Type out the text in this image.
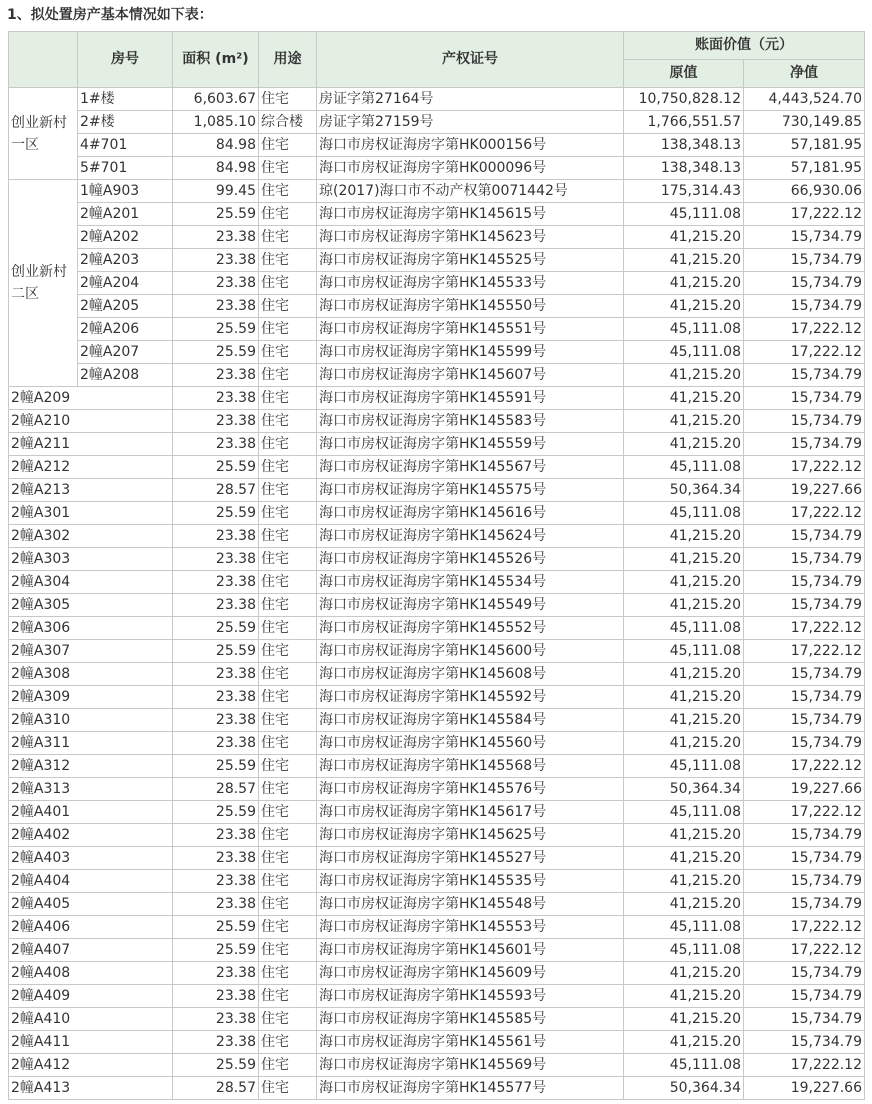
1、拟处置房产基本情况如下表：
	房号	面积 (m²)	用途	产权证号	账面价值（元）	
					原值	净值
创业新村一区	1#楼	6,603.67	住宅	房证字第27164号	10,750,828.12	4,443,524.70
	2#楼	1,085.10	综合楼	房证字第27159号	1,766,551.57	730,149.85
	4#701	84.98	住宅	海口市房权证海房字第HK000156号	138,348.13	57,181.95
	5#701	84.98	住宅	海口市房权证海房字第HK000096号	138,348.13	57,181.95
创业新村二区	1幢A903	99.45	住宅	琼(2017)海口市不动产权第0071442号	175,314.43	66,930.06
	2幢A201	25.59	住宅	海口市房权证海房字第HK145615号	45,111.08	17,222.12
	2幢A202	23.38	住宅	海口市房权证海房字第HK145623号	41,215.20	15,734.79
	2幢A203	23.38	住宅	海口市房权证海房字第HK145525号	41,215.20	15,734.79
	2幢A204	23.38	住宅	海口市房权证海房字第HK145533号	41,215.20	15,734.79
	2幢A205	23.38	住宅	海口市房权证海房字第HK145550号	41,215.20	15,734.79
	2幢A206	25.59	住宅	海口市房权证海房字第HK145551号	45,111.08	17,222.12
	2幢A207	25.59	住宅	海口市房权证海房字第HK145599号	45,111.08	17,222.12
	2幢A208	23.38	住宅	海口市房权证海房字第HK145607号	41,215.20	15,734.79
2幢A209		23.38	住宅	海口市房权证海房字第HK145591号	41,215.20	15,734.79
2幢A210		23.38	住宅	海口市房权证海房字第HK145583号	41,215.20	15,734.79
2幢A211		23.38	住宅	海口市房权证海房字第HK145559号	41,215.20	15,734.79
2幢A212		25.59	住宅	海口市房权证海房字第HK145567号	45,111.08	17,222.12
2幢A213		28.57	住宅	海口市房权证海房字第HK145575号	50,364.34	19,227.66
2幢A301		25.59	住宅	海口市房权证海房字第HK145616号	45,111.08	17,222.12
2幢A302		23.38	住宅	海口市房权证海房字第HK145624号	41,215.20	15,734.79
2幢A303		23.38	住宅	海口市房权证海房字第HK145526号	41,215.20	15,734.79
2幢A304		23.38	住宅	海口市房权证海房字第HK145534号	41,215.20	15,734.79
2幢A305		23.38	住宅	海口市房权证海房字第HK145549号	41,215.20	15,734.79
2幢A306		25.59	住宅	海口市房权证海房字第HK145552号	45,111.08	17,222.12
2幢A307		25.59	住宅	海口市房权证海房字第HK145600号	45,111.08	17,222.12
2幢A308		23.38	住宅	海口市房权证海房字第HK145608号	41,215.20	15,734.79
2幢A309		23.38	住宅	海口市房权证海房字第HK145592号	41,215.20	15,734.79
2幢A310		23.38	住宅	海口市房权证海房字第HK145584号	41,215.20	15,734.79
2幢A311		23.38	住宅	海口市房权证海房字第HK145560号	41,215.20	15,734.79
2幢A312		25.59	住宅	海口市房权证海房字第HK145568号	45,111.08	17,222.12
2幢A313		28.57	住宅	海口市房权证海房字第HK145576号	50,364.34	19,227.66
2幢A401		25.59	住宅	海口市房权证海房字第HK145617号	45,111.08	17,222.12
2幢A402		23.38	住宅	海口市房权证海房字第HK145625号	41,215.20	15,734.79
2幢A403		23.38	住宅	海口市房权证海房字第HK145527号	41,215.20	15,734.79
2幢A404		23.38	住宅	海口市房权证海房字第HK145535号	41,215.20	15,734.79
2幢A405		23.38	住宅	海口市房权证海房字第HK145548号	41,215.20	15,734.79
2幢A406		25.59	住宅	海口市房权证海房字第HK145553号	45,111.08	17,222.12
2幢A407		25.59	住宅	海口市房权证海房字第HK145601号	45,111.08	17,222.12
2幢A408		23.38	住宅	海口市房权证海房字第HK145609号	41,215.20	15,734.79
2幢A409		23.38	住宅	海口市房权证海房字第HK145593号	41,215.20	15,734.79
2幢A410		23.38	住宅	海口市房权证海房字第HK145585号	41,215.20	15,734.79
2幢A411		23.38	住宅	海口市房权证海房字第HK145561号	41,215.20	15,734.79
2幢A412		25.59	住宅	海口市房权证海房字第HK145569号	45,111.08	17,222.12
2幢A413		28.57	住宅	海口市房权证海房字第HK145577号	50,364.34	19,227.66
